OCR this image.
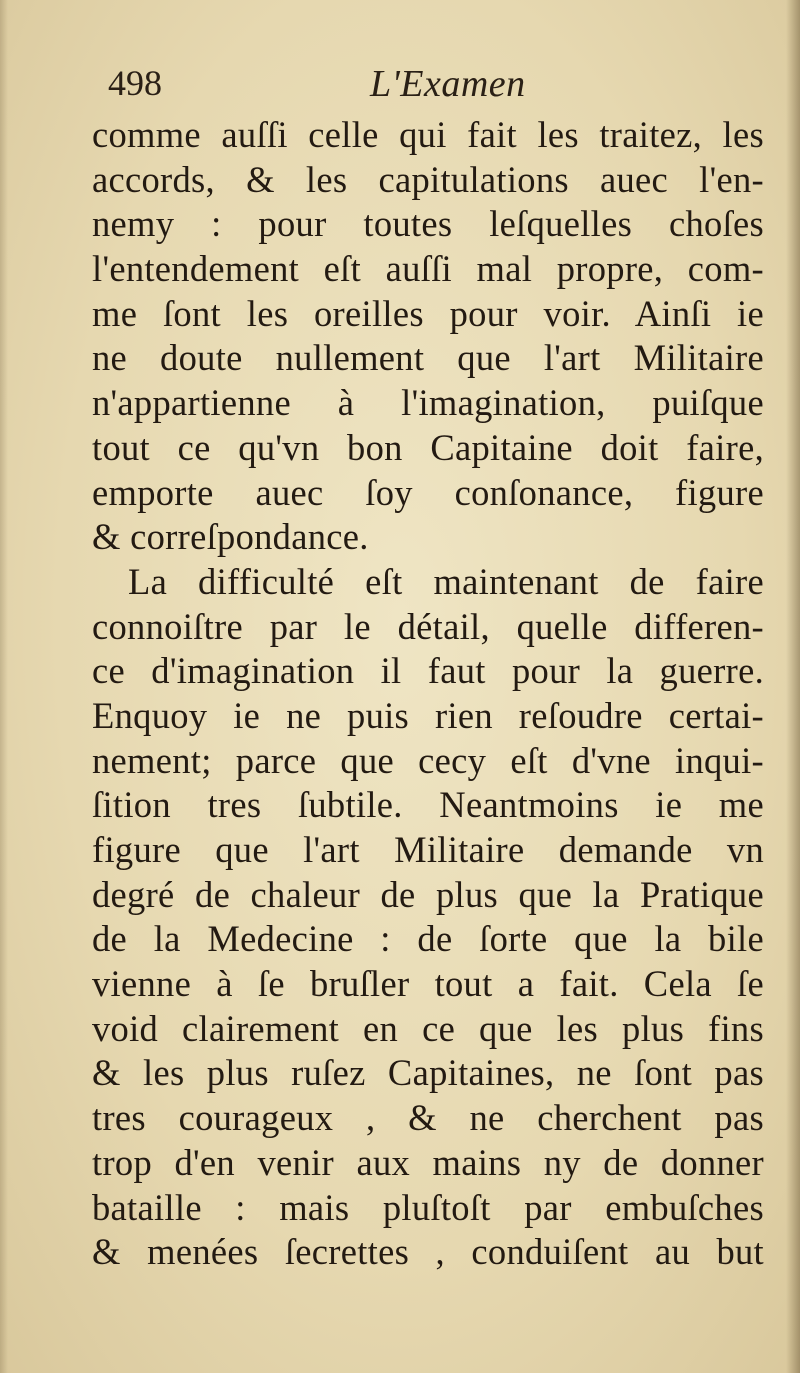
498	L'Examen
comme auſſi celle qui fait les traitez, les
accords, & les capitulations auec l'en-
nemy : pour toutes leſquelles choſes
l'entendement eſt auſſi mal propre, com-
me ſont les oreilles pour voir. Ainſi ie
ne doute nullement que l'art Militaire
n'appartienne à l'imagination, puiſque
tout ce qu'vn bon Capitaine doit faire,
emporte auec ſoy conſonance, figure
& correſpondance.
La difficulté eſt maintenant de faire
connoiſtre par le détail, quelle differen-
ce d'imagination il faut pour la guerre.
Enquoy ie ne puis rien reſoudre certai-
nement; parce que cecy eſt d'vne inqui-
ſition tres ſubtile. Neantmoins ie me
figure que l'art Militaire demande vn
degré de chaleur de plus que la Pratique
de la Medecine : de ſorte que la bile
vienne à ſe bruſler tout a fait. Cela ſe
void clairement en ce que les plus fins
& les plus ruſez Capitaines, ne ſont pas
tres courageux , & ne cherchent pas
trop d'en venir aux mains ny de donner
bataille : mais pluſtoſt par embuſches
& menées ſecrettes , conduiſent au but
